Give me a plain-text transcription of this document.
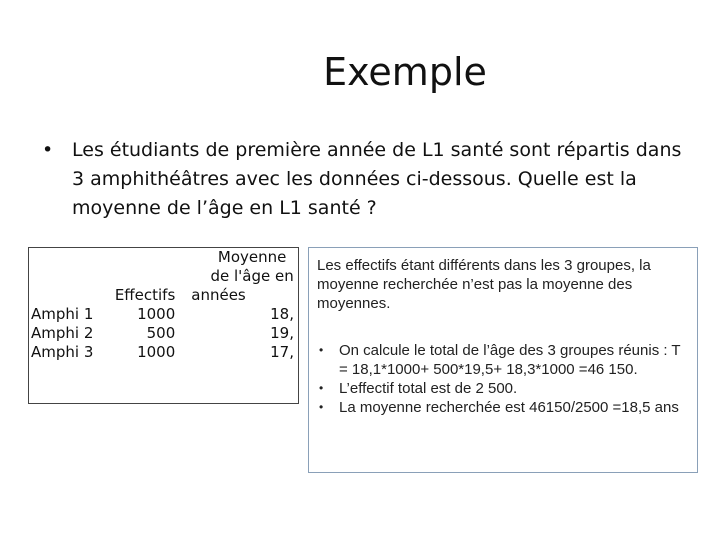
Exemple
• Les étudiants de première année de L1 santé sont répartis dans 3 amphithéâtres avec les données ci-dessous. Quelle est la moyenne de l’âge en L1 santé ?

		Moyenne

		de l'âge en

	Effectifs	années
Amphi 1	1000	18,
Amphi 2	500	19,
Amphi 3	1000	17,

Les effectifs étant différents dans les 3 groupes, la moyenne recherchée n’est pas la moyenne des moyennes.

• On calcule le total de l’âge des 3 groupes réunis : T = 18,1*1000+ 500*19,5+ 18,3*1000 =46 150.
• L’effectif total est de 2 500.
• La moyenne recherchée est 46150/2500 =18,5 ans
